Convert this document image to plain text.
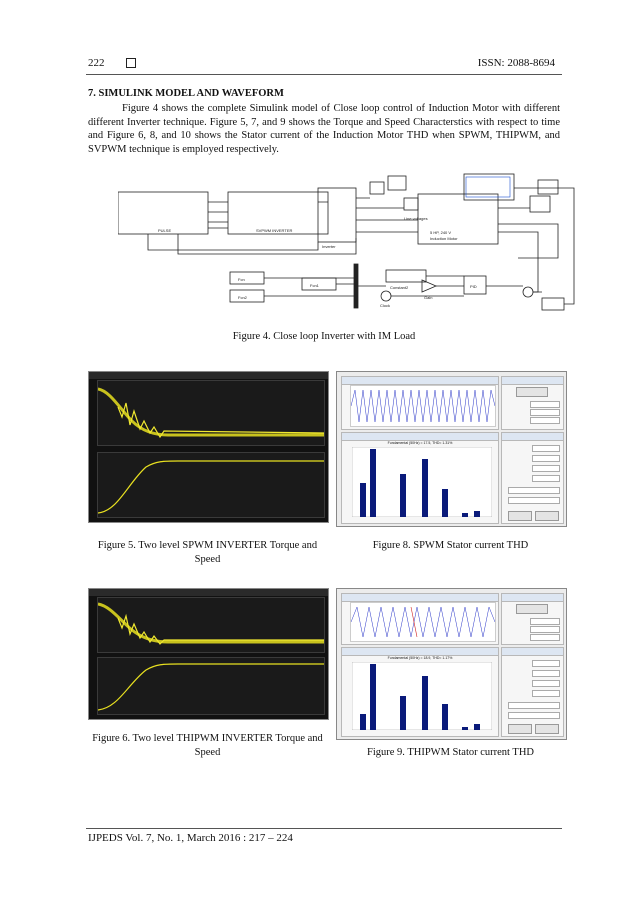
222	ISSN: 2088-8694
7. SIMULINK MODEL AND WAVEFORM
Figure 4 shows the complete Simulink model of Close loop control of Induction Motor with different different Inverter technique. Figure 5, 7, and 9 shows the Torque and Speed Characterstics with respect to time and Figure 6, 8, and 10 shows the Stator current of the Induction Motor THD when SPWM, THIPWM, and SVPWM technique is employed respectively.
PULSE	SVPWM INVERTER
Inverter
Line voltages
Induction Motor
5 HP, 240 V
Fcn
Fcn1
Fcn2
Clock
Gain
Constant2	PID
Figure 4. Close loop Inverter with IM Load
Figure 5. Two level SPWM INVERTER Torque and Speed
Fundamental (50Hz) = 17.5, THD= 1.31%
Figure 8. SPWM Stator current THD
Figure 6. Two level THIPWM INVERTER Torque and Speed
Fundamental (50Hz) = 18.9, THD= 1.17%
Figure 9. THIPWM Stator current THD
IJPEDS Vol. 7, No. 1, March 2016 : 217 – 224
